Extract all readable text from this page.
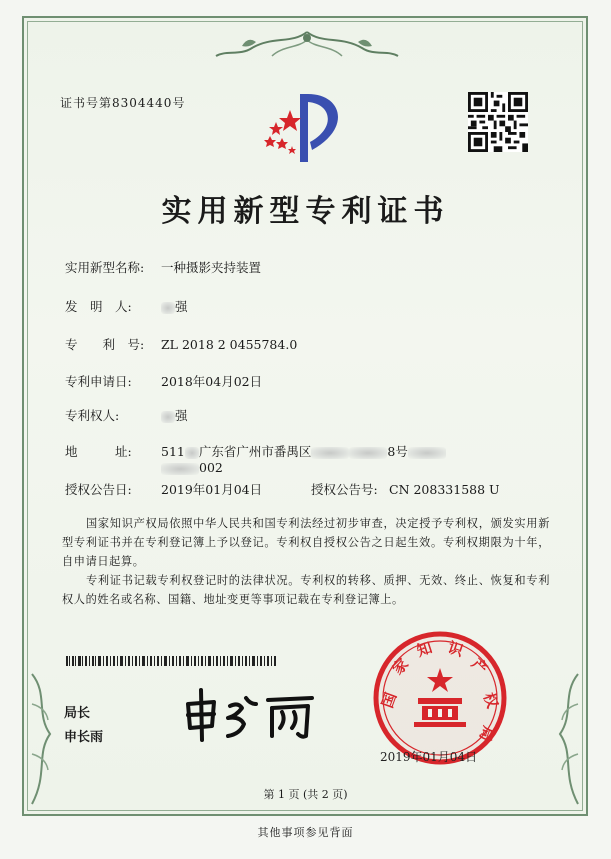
证书号第8304440号
实用新型专利证书
实用新型名称: 一种摄影夹持装置
发　明　人:	强
专　　利　号: ZL 2018 2 0455784.0
专利申请日: 2018年04月02日
专利权人:	强
地　　　址: 511 广东省广州市番禺区	8号
002
授权公告日: 2019年01月04日	授权公告号: CN 208331588 U
国家知识产权局依照中华人民共和国专利法经过初步审查，决定授予专利权，颁发实用新型专利证书并在专利登记簿上予以登记。专利权自授权公告之日起生效。专利权期限为十年，自申请日起算。
专利证书记载专利权登记时的法律状况。专利权的转移、质押、无效、终止、恢复和专利权人的姓名或名称、国籍、地址变更等事项记载在专利登记簿上。
局长
申长雨
国
家
知 识
产
权
局
2019年01月04日
第 1 页 (共 2 页)
其他事项参见背面
